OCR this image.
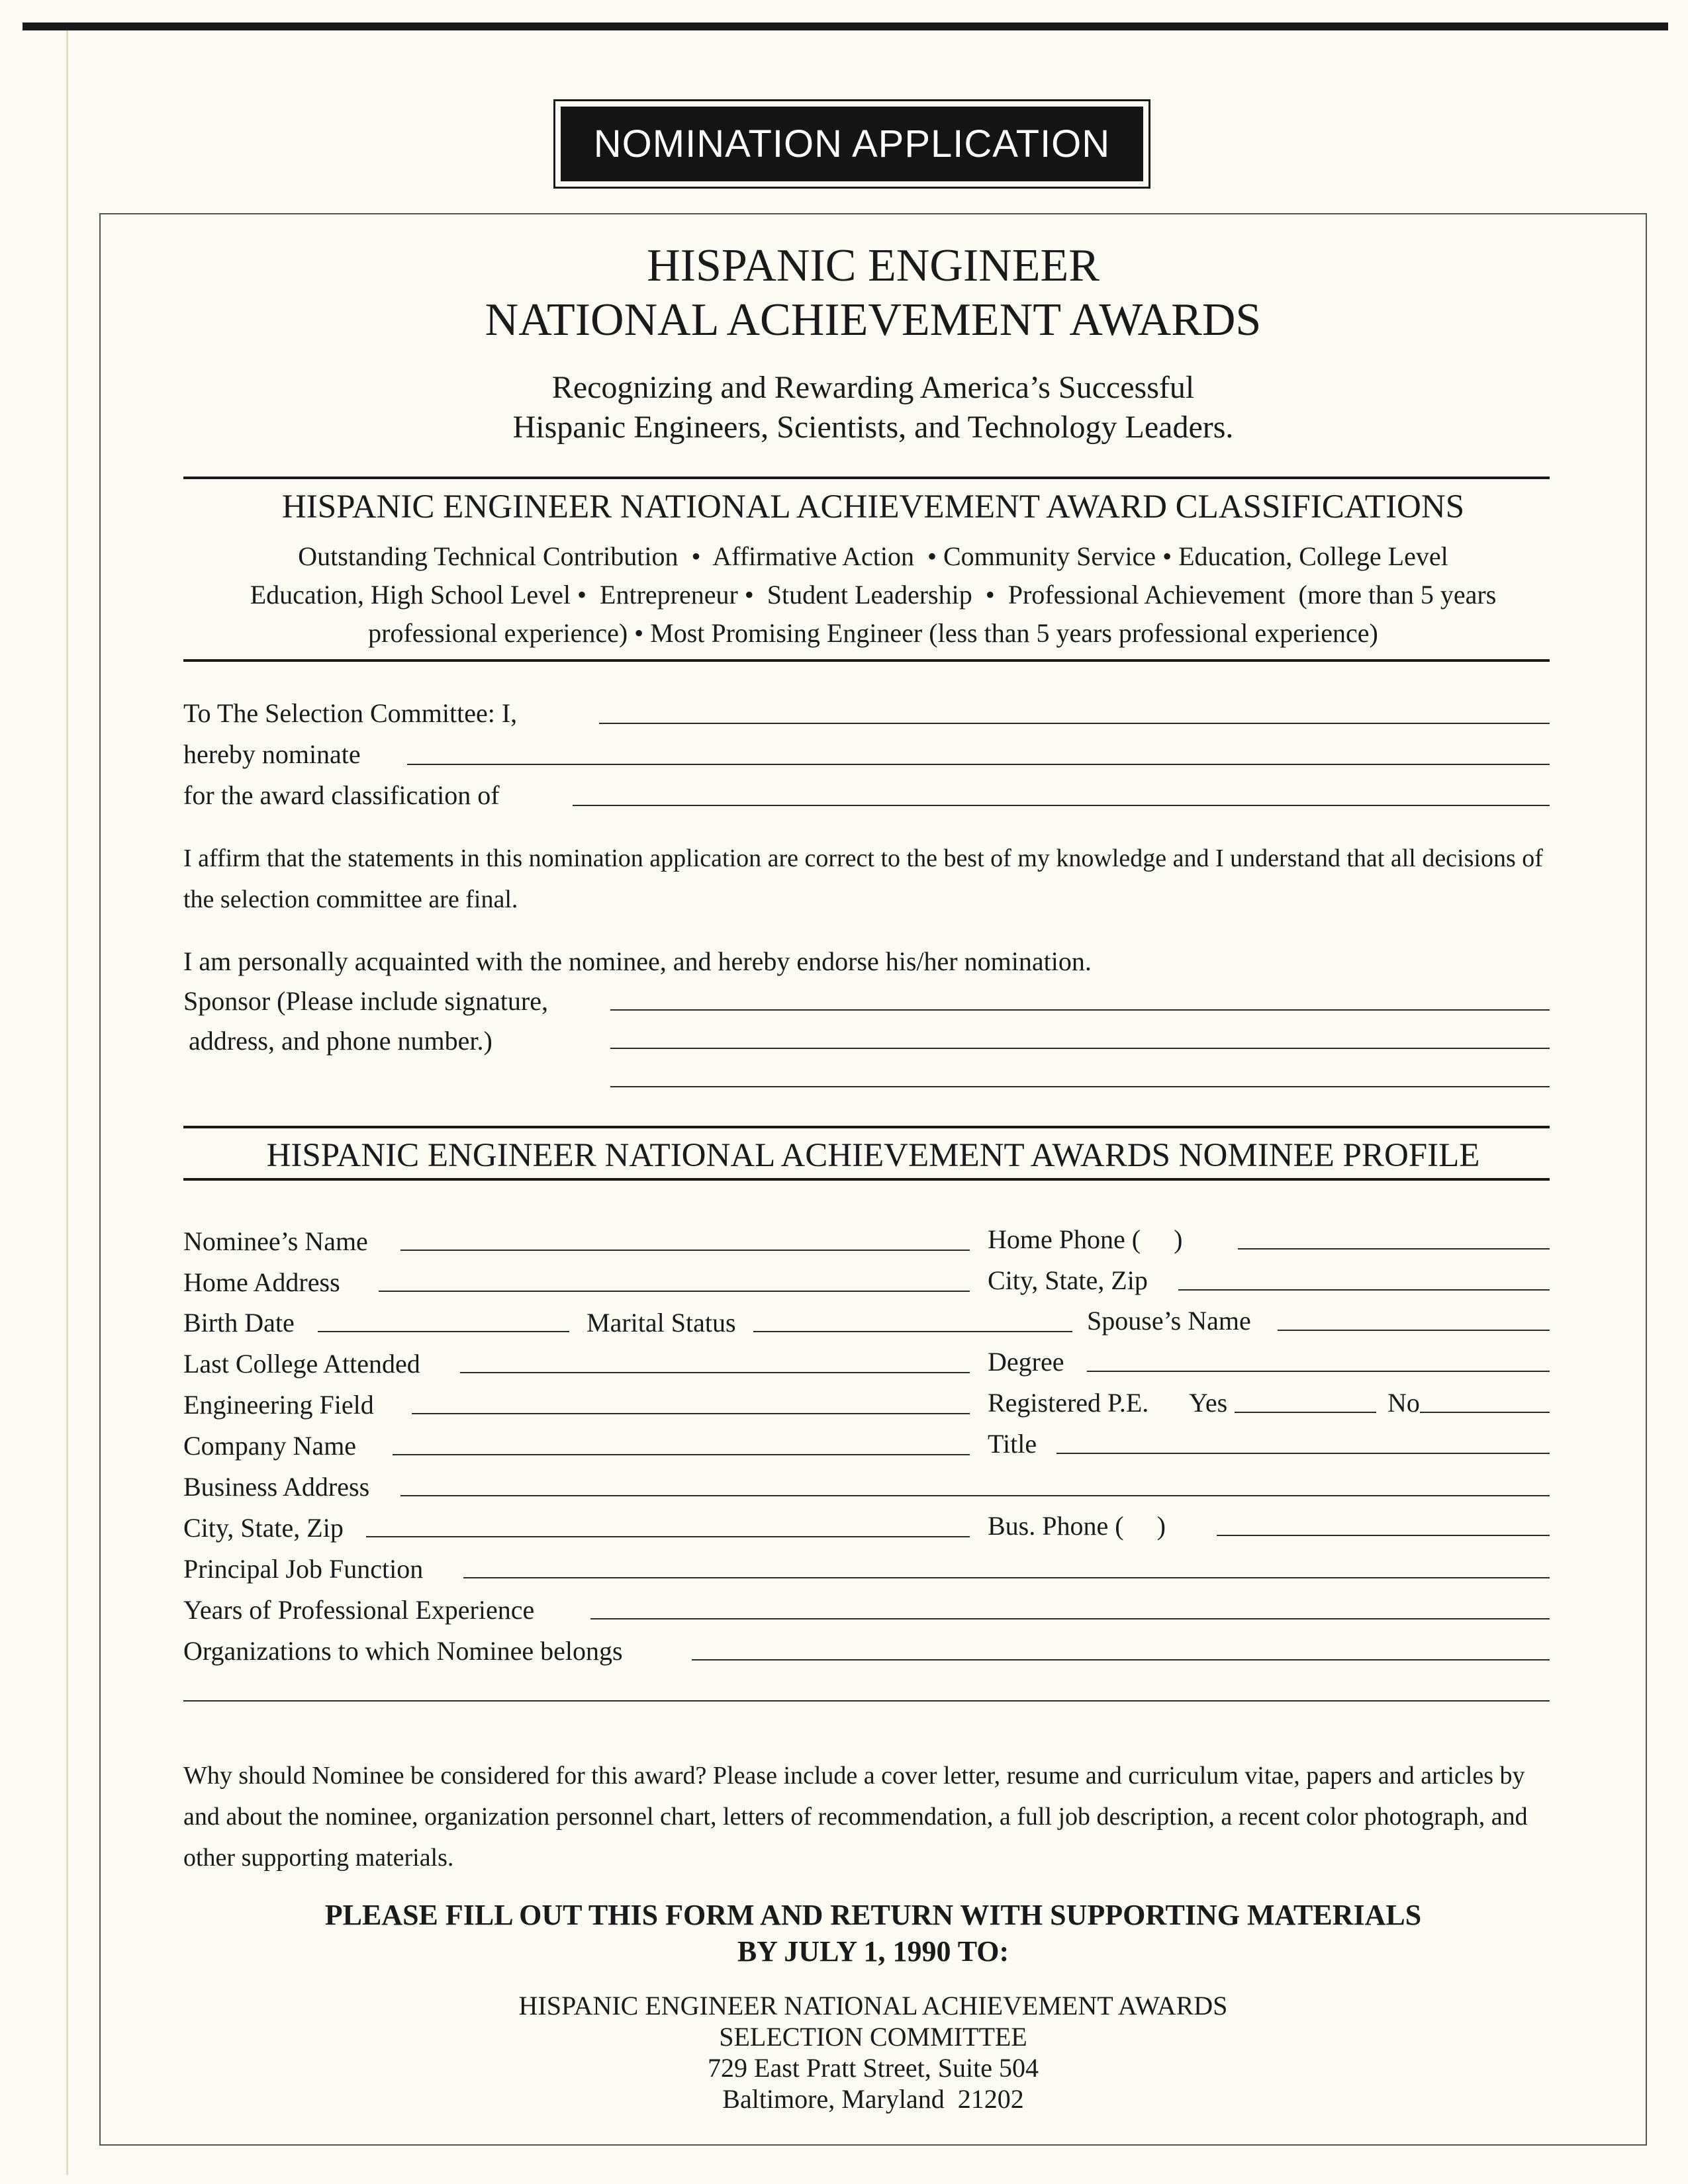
NOMINATION APPLICATION
HISPANIC ENGINEER
NATIONAL ACHIEVEMENT AWARDS
Recognizing and Rewarding America’s Successful
Hispanic Engineers, Scientists, and Technology Leaders.
HISPANIC ENGINEER NATIONAL ACHIEVEMENT AWARD CLASSIFICATIONS
Outstanding Technical Contribution  •  Affirmative Action  • Community Service • Education, College Level
Education, High School Level •  Entrepreneur •  Student Leadership  •  Professional Achievement  (more than 5 years
professional experience) • Most Promising Engineer (less than 5 years professional experience)
To The Selection Committee: I,
hereby nominate
for the award classification of
I affirm that the statements in this nomination application are correct to the best of my knowledge and I understand that all decisions of the selection committee are final.
I am personally acquainted with the nominee, and hereby endorse his/her nomination.
Sponsor (Please include signature,
address, and phone number.)
HISPANIC ENGINEER NATIONAL ACHIEVEMENT AWARDS NOMINEE PROFILE
Nominee’s Name	Home Phone (     )
Home Address	City, State, Zip
Birth Date	Marital Status	Spouse’s Name
Last College Attended	Degree
Engineering Field	Registered P.E. Yes	No
Company Name	Title
Business Address
City, State, Zip	Bus. Phone (     )
Principal Job Function
Years of Professional Experience
Organizations to which Nominee belongs
Why should Nominee be considered for this award? Please include a cover letter, resume and curriculum vitae, papers and articles by and about the nominee, organization personnel chart, letters of recommendation, a full job description, a recent color photograph, and other supporting materials.
PLEASE FILL OUT THIS FORM AND RETURN WITH SUPPORTING MATERIALS
BY JULY 1, 1990 TO:
HISPANIC ENGINEER NATIONAL ACHIEVEMENT AWARDS
SELECTION COMMITTEE
729 East Pratt Street, Suite 504
Baltimore, Maryland  21202
